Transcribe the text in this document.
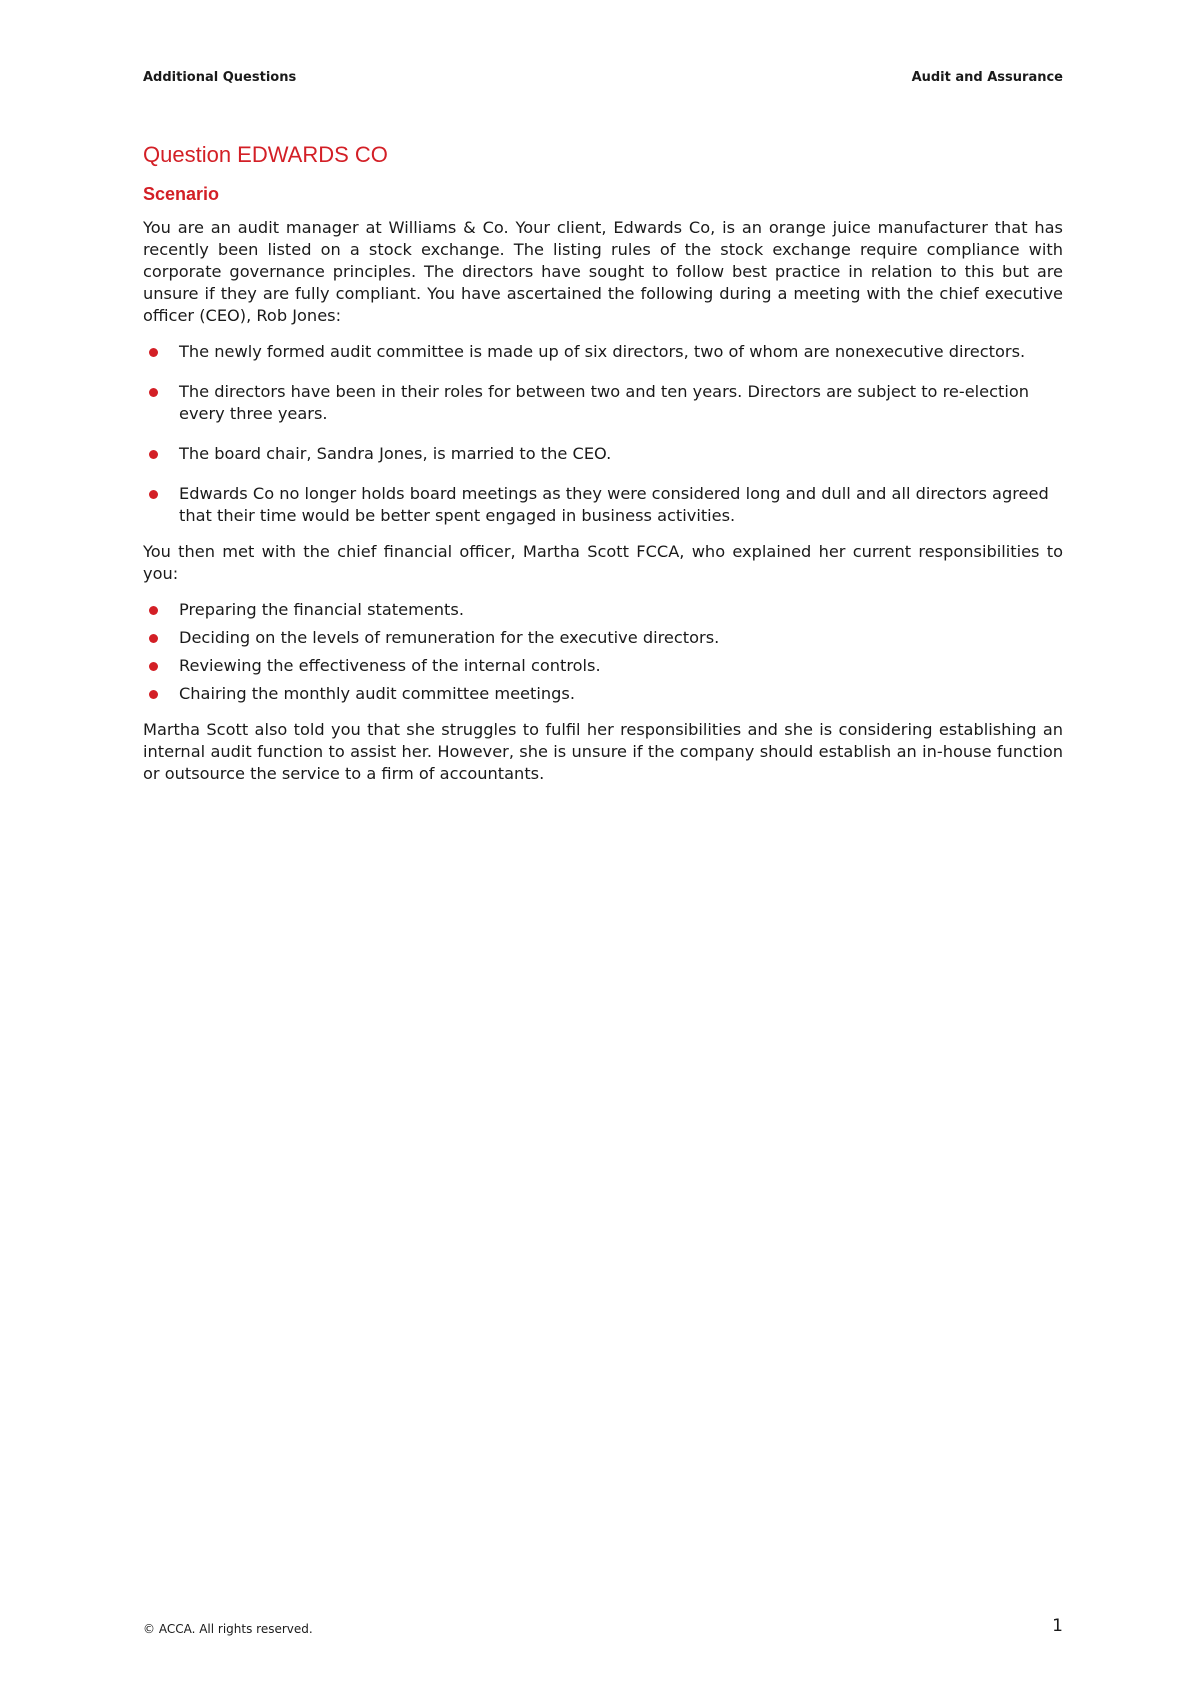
Additional Questions	Audit and Assurance
Question EDWARDS CO
Scenario

You are an audit manager at Williams & Co. Your client, Edwards Co, is an orange juice manufacturer that has recently been listed on a stock exchange. The listing rules of the stock exchange require compliance with corporate governance principles. The directors have sought to follow best practice in relation to this but are unsure if they are fully compliant. You have ascertained the following during a meeting with the chief executive officer (CEO), Rob Jones:

The newly formed audit committee is made up of six directors, two of whom are nonexecutive directors.
The directors have been in their roles for between two and ten years. Directors are subject to re-election every three years.
The board chair, Sandra Jones, is married to the CEO.
Edwards Co no longer holds board meetings as they were considered long and dull and all directors agreed that their time would be better spent engaged in business activities.

You then met with the chief financial officer, Martha Scott FCCA, who explained her current responsibilities to you:

Preparing the financial statements.
Deciding on the levels of remuneration for the executive directors.
Reviewing the effectiveness of the internal controls.
Chairing the monthly audit committee meetings.

Martha Scott also told you that she struggles to fulfil her responsibilities and she is considering establishing an internal audit function to assist her. However, she is unsure if the company should establish an in-house function or outsource the service to a firm of accountants.

© ACCA. All rights reserved.	1
